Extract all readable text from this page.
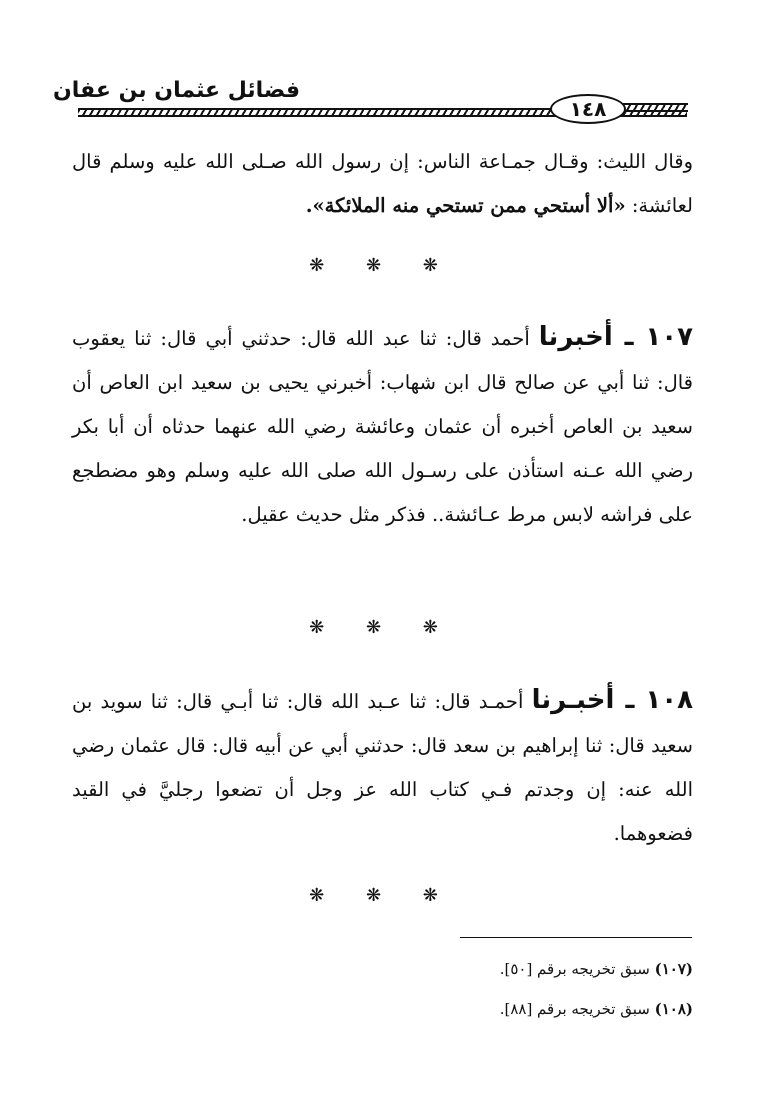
فضائل عثمان بن عفان
١٤٨
وقال الليث: وقـال جمـاعة الناس: إن رسول الله صـلى الله عليه وسلم قال لعائشة: «ألا أستحي ممن تستحي منه الملائكة».
❋ ❋ ❋
١٠٧ ـ أخبرنا أحمد قال: ثنا عبد الله قال: حدثني أبي قال: ثنا يعقوب قال: ثنا أبي عن صالح قال ابن شهاب: أخبرني يحيى بن سعيد ابن العاص أن سعيد بن العاص أخبره أن عثمان وعائشة رضي الله عنهما حدثاه أن أبا بكر رضي الله عـنه استأذن على رسـول الله صلى الله عليه وسلم وهو مضطجع على فراشه لابس مرط عـائشة.. فذكر مثل حديث عقيل.
❋ ❋ ❋
١٠٨ ـ أخبـرنا أحمـد قال: ثنا عـبد الله قال: ثنا أبـي قال: ثنا سويد بن سعيد قال: ثنا إبراهيم بن سعد قال: حدثني أبي عن أبيه قال: قال عثمان رضي الله عنه: إن وجدتم فـي كتاب الله عز وجل أن تضعوا رجليَّ في القيد فضعوهما.
❋ ❋ ❋
(١٠٧) سبق تخريجه برقم [٥٠].
(١٠٨) سبق تخريجه برقم [٨٨].
